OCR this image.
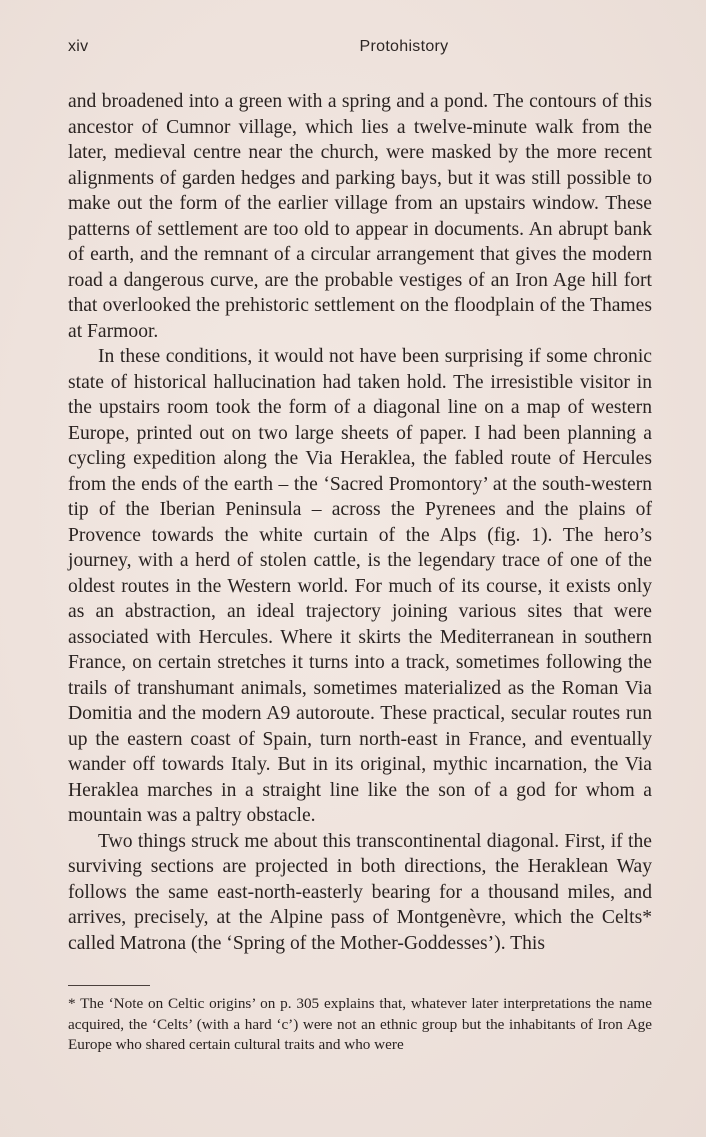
xiv	Protohistory

and broadened into a green with a spring and a pond. The contours of this ancestor of Cumnor village, which lies a twelve-minute walk from the later, medieval centre near the church, were masked by the more recent alignments of garden hedges and parking bays, but it was still possible to make out the form of the earlier village from an upstairs window. These patterns of settlement are too old to appear in documents. An abrupt bank of earth, and the remnant of a circular arrangement that gives the modern road a dangerous curve, are the probable vestiges of an Iron Age hill fort that overlooked the prehistoric settlement on the floodplain of the Thames at Farmoor.

In these conditions, it would not have been surprising if some chronic state of historical hallucination had taken hold. The irresistible visitor in the upstairs room took the form of a diagonal line on a map of western Europe, printed out on two large sheets of paper. I had been planning a cycling expedition along the Via Heraklea, the fabled route of Hercules from the ends of the earth – the ‘Sacred Promontory’ at the south-western tip of the Iberian Peninsula – across the Pyrenees and the plains of Provence towards the white curtain of the Alps (fig. 1). The hero’s journey, with a herd of stolen cattle, is the legendary trace of one of the oldest routes in the Western world. For much of its course, it exists only as an abstraction, an ideal trajectory joining various sites that were associated with Hercules. Where it skirts the Mediterranean in southern France, on certain stretches it turns into a track, sometimes following the trails of transhumant animals, sometimes materialized as the Roman Via Domitia and the modern A9 autoroute. These practical, secular routes run up the eastern coast of Spain, turn north-east in France, and eventually wander off towards Italy. But in its original, mythic incarnation, the Via Heraklea marches in a straight line like the son of a god for whom a mountain was a paltry obstacle.

Two things struck me about this transcontinental diagonal. First, if the surviving sections are projected in both directions, the Heraklean Way follows the same east-north-easterly bearing for a thousand miles, and arrives, precisely, at the Alpine pass of Montgenèvre, which the Celts* called Matrona (the ‘Spring of the Mother-Goddesses’). This

* The ‘Note on Celtic origins’ on p. 305 explains that, whatever later interpretations the name acquired, the ‘Celts’ (with a hard ‘c’) were not an ethnic group but the inhabitants of Iron Age Europe who shared certain cultural traits and who were
